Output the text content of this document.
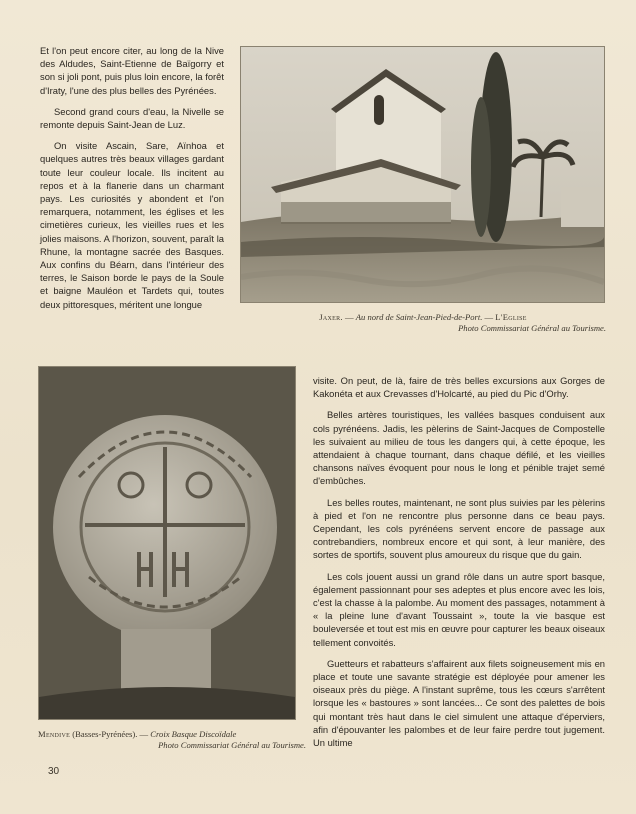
Et l'on peut encore citer, au long de la Nive des Aldudes, Saint-Etienne de Baïgorry et son si joli pont, puis plus loin encore, la forêt d'Iraty, l'une des plus belles des Pyrénées.

Second grand cours d'eau, la Nivelle se remonte depuis Saint-Jean de Luz.

On visite Ascain, Sare, Aïnhoa et quelques autres très beaux villages gardant toute leur couleur locale. Ils incitent au repos et à la flanerie dans un charmant pays. Les curiosités y abondent et l'on remarquera, notamment, les églises et les cimetières curieux, les vieilles rues et les jolies maisons. A l'horizon, souvent, paraît la Rhune, la montagne sacrée des Basques. Aux confins du Béarn, dans l'intérieur des terres, le Saison borde le pays de la Soule et baigne Mauléon et Tardets qui, toutes deux pittoresques, méritent une longue

Jaxer. — Au nord de Saint-Jean-Pied-de-Port. — L'Eglise
Photo Commissariat Général au Tourisme.
Mendive (Basses-Pyrénées). — Croix Basque Discoïdale
Photo Commissariat Général au Tourisme.

visite. On peut, de là, faire de très belles excursions aux Gorges de Kakonéta et aux Crevasses d'Holcarté, au pied du Pic d'Orhy.

Belles artères touristiques, les vallées basques conduisent aux cols pyrénéens. Jadis, les pèlerins de Saint-Jacques de Compostelle les suivaient au milieu de tous les dangers qui, à cette époque, les attendaient à chaque tournant, dans chaque défilé, et les vieilles chansons naïves évoquent pour nous le long et pénible trajet semé d'embûches.

Les belles routes, maintenant, ne sont plus suivies par les pèlerins à pied et l'on ne rencontre plus personne dans ce beau pays. Cependant, les cols pyrénéens servent encore de passage aux contrebandiers, nombreux encore et qui sont, à leur manière, des sortes de sportifs, souvent plus amoureux du risque que du gain.

Les cols jouent aussi un grand rôle dans un autre sport basque, également passionnant pour ses adeptes et plus encore avec les lois, c'est la chasse à la palombe. Au moment des passages, notamment à « la pleine lune d'avant Toussaint », toute la vie basque est bouleversée et tout est mis en œuvre pour capturer les beaux oiseaux tellement convoités.

Guetteurs et rabatteurs s'affairent aux filets soigneusement mis en place et toute une savante stratégie est déployée pour amener les oiseaux près du piège. A l'instant suprême, tous les cœurs s'arrêtent lorsque les « bastoures » sont lancées... Ce sont des palettes de bois qui montant très haut dans le ciel simulent une attaque d'éperviers, afin d'épouvanter les palombes et de leur faire perdre tout jugement. Un ultime

30
